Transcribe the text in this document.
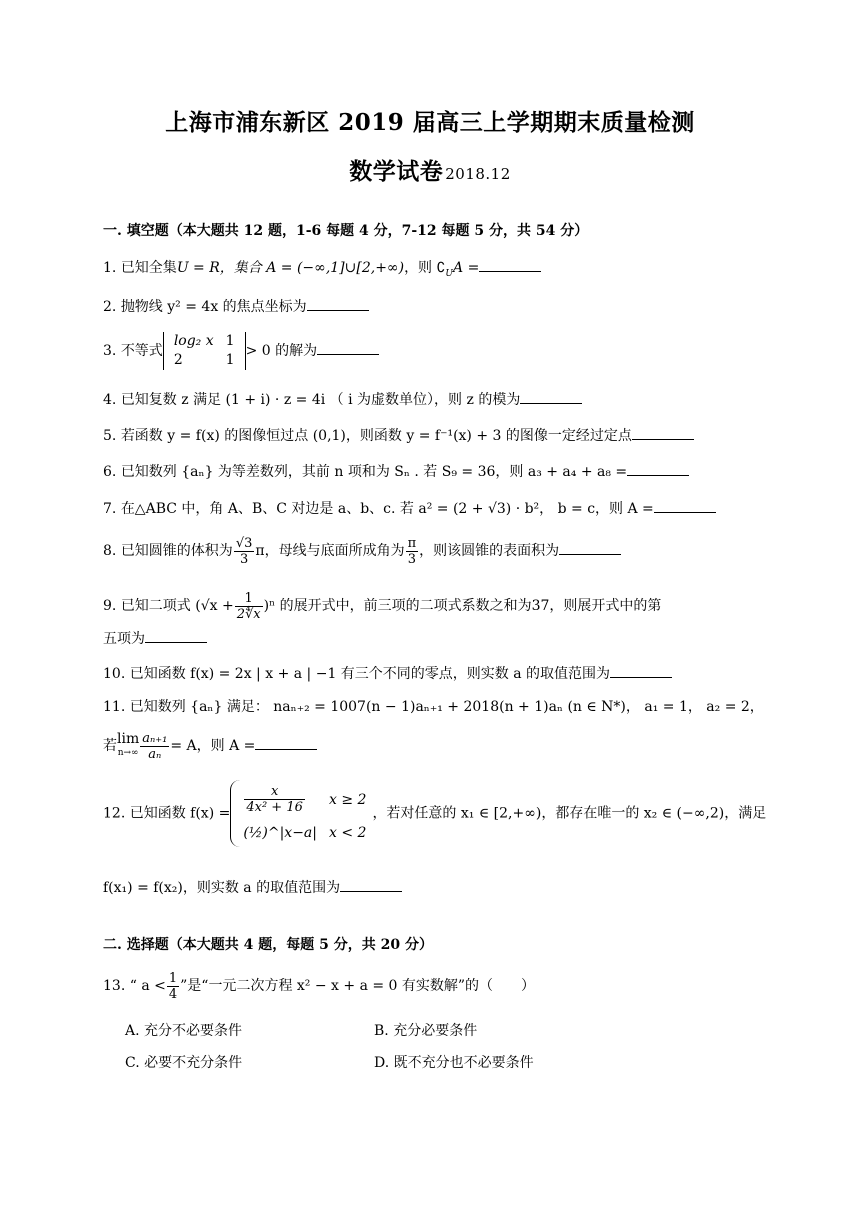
上海市浦东新区 2019 届高三上学期期末质量检测
数学试卷 2018.12
一. 填空题（本大题共 12 题，1-6 每题 4 分，7-12 每题 5 分，共 54 分）
1. 已知全集U = R，集合 A = (−∞,1]∪[2,+∞)，则 $∁_UA$ =
2. 抛物线 y² = 4x 的焦点坐标为
3. 不等式
log₂ x	1
2	1
> 0 的解为
4. 已知复数 z 满足 (1 + i) · z = 4i （ i 为虚数单位），则 z 的模为
5. 若函数 y = f(x) 的图像恒过点 (0,1)，则函数 y = f⁻¹(x) + 3 的图像一定经过定点
6. 已知数列 {aₙ} 为等差数列，其前 n 项和为 Sₙ . 若 S₉ = 36，则 a₃ + a₄ + a₈ =
7. 在△ABC 中，角 A、B、C 对边是 a、b、c. 若 a² = (2 + √3) · b²， b = c，则 A =
8. 已知圆锥的体积为 $\frac{√3}{3}$ π，母线与底面所成角为 $\frac{\pi}{3}$ ，则该圆锥的表面积为
9. 已知二项式 $(√x + \frac{1}{2∜x} )^n$ 的展开式中，前三项的二项式系数之和为37，则展开式中的第
五项为
10. 已知函数 f(x) = 2x | x + a | −1 有三个不同的零点，则实数 a 的取值范围为
11. 已知数列 {aₙ} 满足： naₙ₊₂ = 1007(n − 1)aₙ₊₁ + 2018(n + 1)aₙ (n ∈ N*)， a₁ = 1， a₂ = 2，
若lim
$n\to\infty \frac{\text{aₙ₊₁}}{\text{aₙ}} = A$，则 A =
12. 已知函数 $f(x) = \frac{x}{\text{4x² + 16}}$	x ≥ 2
(½)^|x−a|	x < 2
，若对任意的 x₁ ∈ [2,+∞)，都存在唯一的 x₂ ∈ (−∞,2)，满足
f(x₁) = f(x₂)，则实数 a 的取值范围为
二. 选择题（本大题共 4 题，每题 5 分，共 20 分）
13. “ $a < \frac{1}{4}$ ”是“一元二次方程 x² − x + a = 0 有实数解”的（　　）
A. 充分不必要条件	B. 充分必要条件
C. 必要不充分条件	D. 既不充分也不必要条件
